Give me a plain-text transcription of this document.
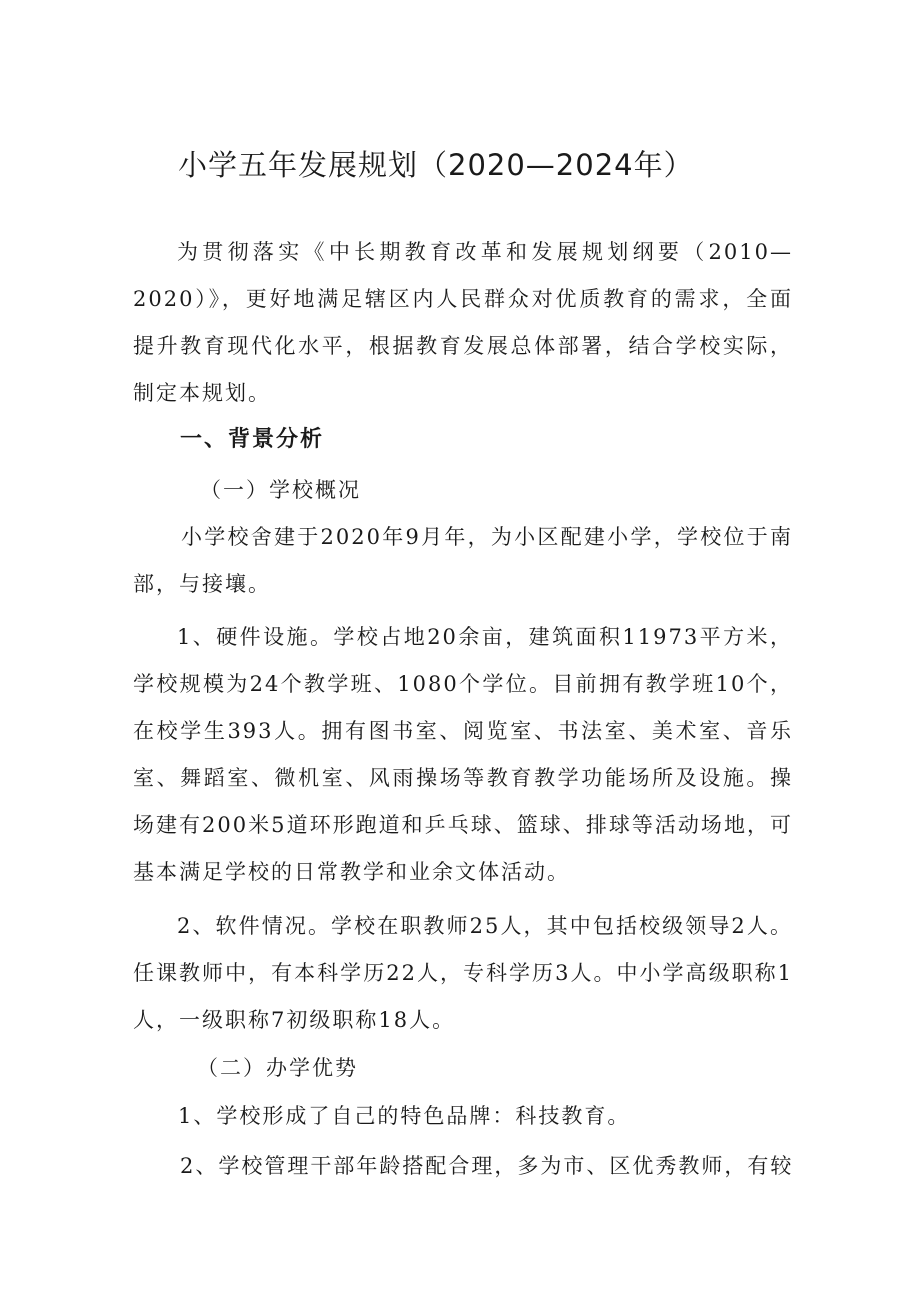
小学五年发展规划（2020—2024年）

为贯彻落实《中长期教育改革和发展规划纲要（2010—2020）》，更好地满足辖区内人民群众对优质教育的需求，全面提升教育现代化水平，根据教育发展总体部署，结合学校实际，制定本规划。

一、背景分析

（一）学校概况

小学校舍建于2020年9月年，为小区配建小学，学校位于南部，与接壤。

1、硬件设施。学校占地20余亩，建筑面积11973平方米，学校规模为24个教学班、1080个学位。目前拥有教学班10个，在校学生393人。拥有图书室、阅览室、书法室、美术室、音乐室、舞蹈室、微机室、风雨操场等教育教学功能场所及设施。操场建有200米5道环形跑道和乒乓球、篮球、排球等活动场地，可基本满足学校的日常教学和业余文体活动。

2、软件情况。学校在职教师25人，其中包括校级领导2人。任课教师中，有本科学历22人，专科学历3人。中小学高级职称1人，一级职称7初级职称18人。

（二）办学优势

1、学校形成了自己的特色品牌：科技教育。

2、学校管理干部年龄搭配合理，多为市、区优秀教师，有较
